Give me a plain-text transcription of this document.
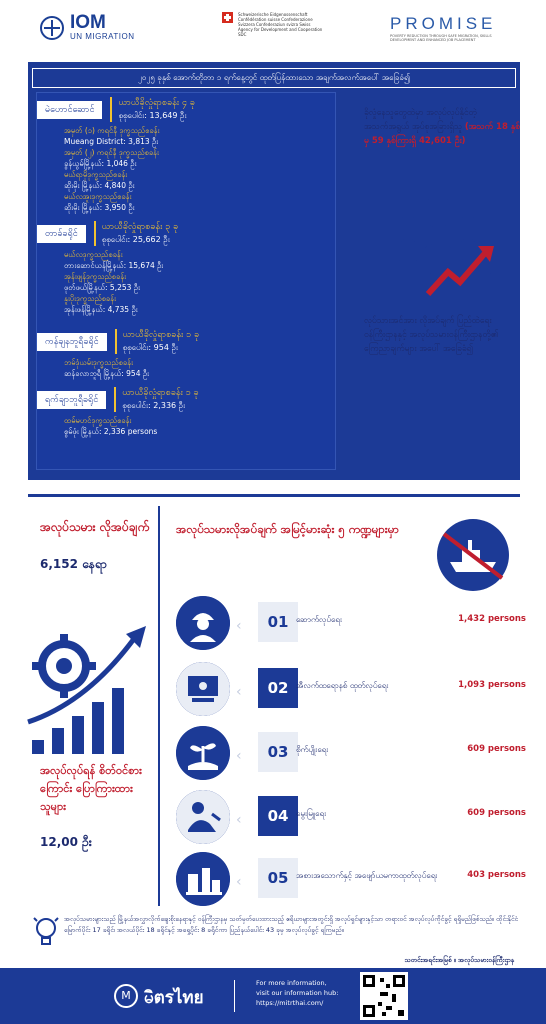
IOM
UN MIGRATION
Schweizerische Eidgenossenschaft Confédération suisse Confederazione Svizzera Confederaziun svizra Swiss Agency for Development and Cooperation SDC
PROMISE
POVERTY REDUCTION THROUGH SAFE MIGRATION, SKILLS DEVELOPMENT AND ENHANCED JOB PLACEMENT
၂၀၂၅ ခုနှစ် အောက်တိုဘာ ၁ ရက်နေ့တွင် ထုတ်ပြန်ထားသော အချက်အလက်အပေါ် အခြေခံ၍
မဲဟောင်ဆောင်
ယာယီခိုလှုံရာစခန်း ၄ ခု
စုစုပေါင်း: 13,649 ဦး
အမှတ် (၁) ကရင်နီ ဒုက္ခသည်စခန်း
Mueang District: 3,813 ဦး
အမှတ် (၂) ကရင်နီ ဒုက္ခသည်စခန်း
ခွန်ယွမ်မြို့နယ်: 1,046 ဦး
မယ်ရာမိုဒုက္ခသည်စခန်း
ဆိုးမိုး မြို့နယ်: 4,840 ဦး
မယ်လအူးဒုက္ခသည်စခန်း
ဆိုးမိုး မြို့နယ်: 3,950 ဦး
တာခ်ခရိုင်
ယာယီခိုလှုံရာစခန်း ၃ ခု
စုစုပေါင်း: 25,662 ဦး
မယ်လဒုက္ခသည်စခန်း
တားဆောင်ယန်မြို့နယ်: 15,674 ဦး
အုန်းဖျန်ဒုက္ခသည်စခန်း
ဖုတ်ဖယ်မြို့နယ်: 5,253 ဦး
နူးပိုးဒုက္ခသည်စခန်း
အုန်းဖန်မြို့နယ်: 4,735 ဦး
ကန်ချနဘူရီခရိုင်
ယာယီခိုလှုံရာစခန်း ၁ ခု
စုစုပေါင်း: 954 ဦး
ဘမ်ဒုံယမ်းဒုက္ခသည်စခန်း
ဆန်ခလာဘူရီ မြို့နယ်: 954 ဦး
ရက်ချာဘူရီခရိုင်
ယာယီခိုလှုံရာစခန်း ၁ ခု
စုစုပေါင်း: 2,336 ဦး
ထမ်မဟင်ဒုက္ခသည်စခန်း
စွမ်ဖုံး မြို့နယ်: 2,336 persons
ခိုလှုံနေသူတွေထဲမှာ အလုပ်လုပ်နိုင်တဲ့ အသက်အရွယ် အုပ်စုအခြားရှိသူ (အသက် 18 နှစ်မှ 59 နှစ်ကြားရှိ 42,601 ဦး)
လုပ်သားအင်အား လိုအပ်ချက် ပြည်ထဲရေးဝန်ကြီးဌာနနှင့် အလုပ်သမားဝန်ကြီးဌာနတို့၏ ကြေညာချက်များ အပေါ် အခြေခံ၍
အလုပ်သမား လိုအပ်ချက်
6,152 နေရာ
အလုပ်လုပ်ရန် စိတ်ဝင်စားကြောင်း ပြောကြားထားသူများ
12,00 ဦး
အလုပ်သမားလိုအပ်ချက် အမြင့်မားဆုံး ၅ ကဏ္ဍများမှာ
‹	01 ဆောက်လုပ်ရေး	1,432 persons
‹	02 အီလက်ထရောနစ် ထုတ်လုပ်ရေး	1,093 persons
‹	03 စိုက်ပျိုးရေး	609 persons
‹	04 မွေးမြူရေး	609 persons
‹	05 အစားအသောက်နှင့် အဖျော်ယမကာထုတ်လုပ်ရေး	403 persons
အလုပ်သမားများသည် မြို့နယ်အလွှာလိုက်ချေးစိုးနေရာနှင့် ဝန်ကြီးဌာနမှ သတ်မှတ်ပေးထားသည့် ဧရိယာများအတွင်းရှိ အလုပ်ရှင်များနှင့်သာ တရားဝင် အလုပ်လုပ်ကိုင်ခွင့် ရရှိမည်ဖြစ်သည်။ ထိုင်းနိုင်ငံ မြောက်ပိုင်း 17 ခရိုင်၊ အလယ်ပိုင်း 18 ခရိုင်နှင့် အရှေ့ပိုင်း 8 ခရိုင်ကာ ပြည်နယ်ပေါင်း 43 ခုမှ အလုပ်လုပ်ခွင့် ရကြမည်။
သတင်းအရင်းအမြစ် ။ အလုပ်သမားဝန်ကြီးဌာန
M မิตรไทย
For more information,
visit our information hub:
https://mitrthai.com/
